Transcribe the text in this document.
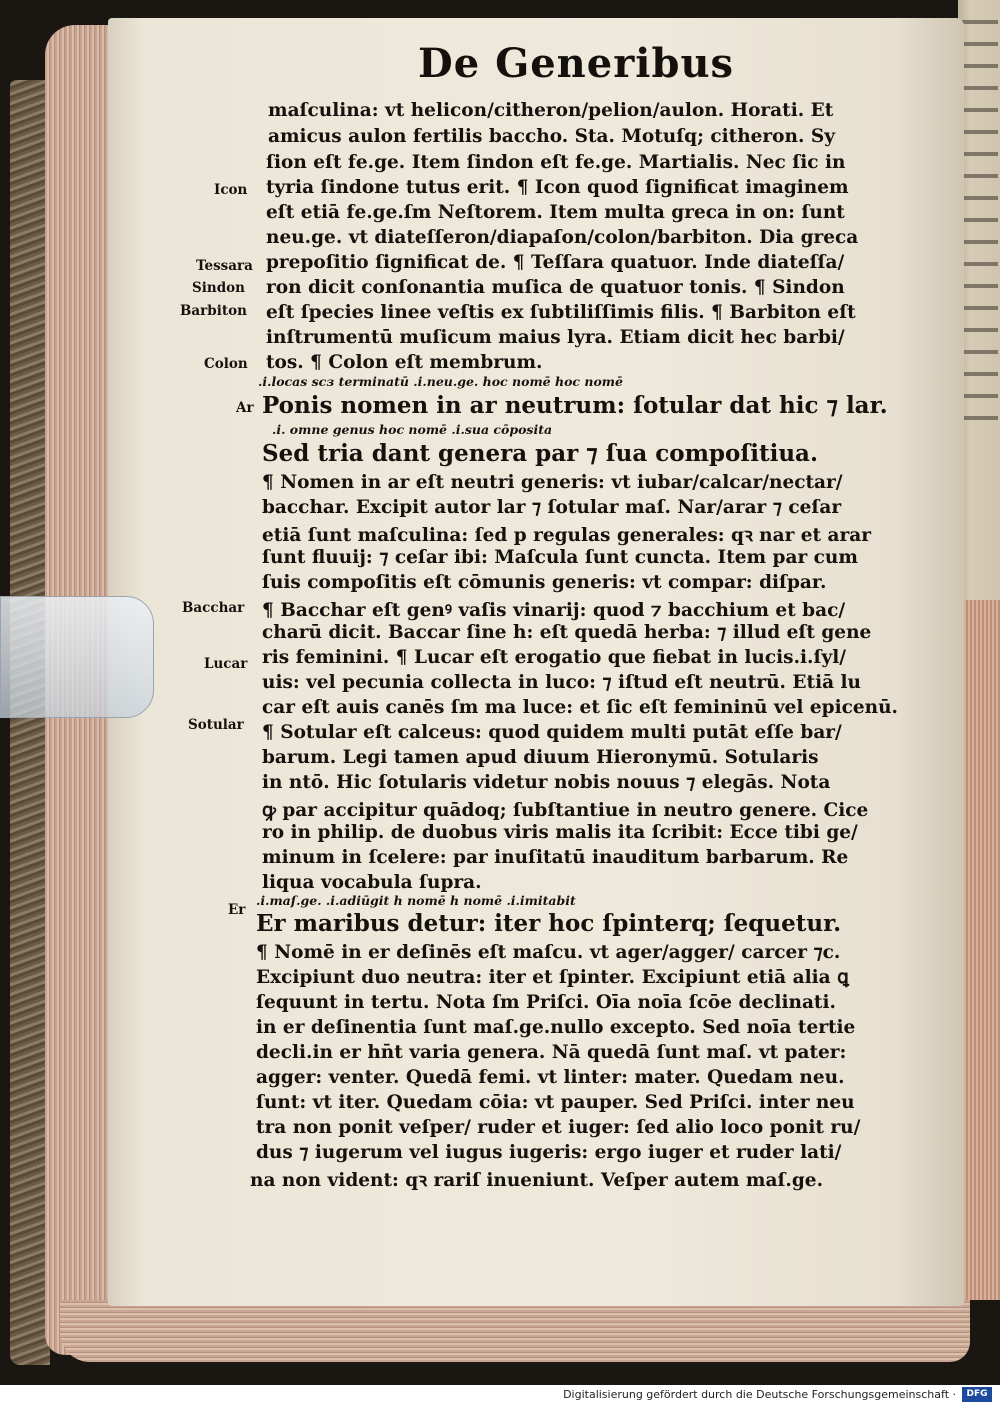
De Generibus
maſculina: vt helicon/citheron/pelion/aulon. Horati. Et
amicus aulon fertilis baccho. Sta. Motuſq; citheron. Sy
ſion eſt fe.ge. Item ſindon eſt fe.ge. Martialis. Nec ſic in
tyria ſindone tutus erit. ¶ Icon quod ſignificat imaginem
eſt etiā fe.ge.ſm Neſtorem. Item multa greca in on: ſunt
neu.ge. vt diateſſeron/diapaſon/colon/barbiton. Dia greca
prepoſitio ſignificat de. ¶ Teſſara quatuor. Inde diateſſa/
ron dicit conſonantia muſica de quatuor tonis. ¶ Sindon
eſt ſpecies linee veſtis ex ſubtiliſſimis filis. ¶ Barbiton eſt
inſtrumentū muſicum maius lyra. Etiam dicit hec barbi/
tos. ¶ Colon eſt membrum.
.i.locas scз terminatū .i.neu.ge. hoc nomē hoc nomē
Ponis nomen in ar neutrum: ſotular dat hic ⁊ lar.
.i. omne genus hoc nomē .i.sua cōposita
Sed tria dant genera par ⁊ ſua compoſitiua.
¶ Nomen in ar eſt neutri generis: vt iubar/calcar/nectar/
bacchar. Excipit autor lar ⁊ ſotular maſ. Nar/arar ⁊ ceſar
etiā ſunt maſculina: ſed p regulas generales: qꝛ nar et arar
ſunt fluuij: ⁊ ceſar ibi: Maſcula ſunt cuncta. Item par cum
ſuis compoſitis eſt cōmunis generis: vt compar: diſpar.
¶ Bacchar eſt genꝰ vaſis vinarij: quod ⁊ bacchium et bac/
charū dicit. Baccar ſine h: eſt quedā herba: ⁊ illud eſt gene
ris feminini. ¶ Lucar eſt erogatio que fiebat in lucis.i.ſyl/
uis: vel pecunia collecta in luco: ⁊ iſtud eſt neutrū. Etiā lu
car eſt auis canēs ſm ma luce: et ſic eſt femininū vel epicenū.
¶ Sotular eſt calceus: quod quidem multi putāt eſſe bar/
barum. Legi tamen apud diuum Hieronymū. Sotularis
in ntō. Hic ſotularis videtur nobis nouus ⁊ elegās. Nota
ꝙ par accipitur quādoq; ſubſtantiue in neutro genere. Cice
ro in philip. de duobus viris malis ita ſcribit: Ecce tibi ge/
minum in ſcelere: par inuſitatū inauditum barbarum. Re
liqua vocabula ſupra.
.i.maſ.ge. .i.adiūgit h nomē h nomē .i.imitabit
Er maribus detur: iter hoc ſpinterq; ſequetur.
¶ Nomē in er deſinēs eſt maſcu. vt ager/agger/ carcer ⁊c.
Excipiunt duo neutra: iter et ſpinter. Excipiunt etiā alia ꝗ
ſequunt in tertu. Nota ſm Priſci. Oīa noīa ſcōe declinati.
in er deſinentia ſunt maſ.ge.nullo excepto. Sed noīa tertie
decli.in er hn̄t varia genera. Nā quedā ſunt maſ. vt pater:
agger: venter. Quedā femi. vt linter: mater. Quedam neu.
ſunt: vt iter. Quedam cōia: vt pauper. Sed Priſci. inter neu
tra non ponit veſper/ ruder et iuger: ſed alio loco ponit ru/
dus ⁊ iugerum vel iugus iugeris: ergo iuger et ruder lati/
na non vident: qꝛ rariſ inueniunt. Veſper autem maſ.ge.
Icon
Tessara
Sindon
Barbiton
Colon
Ar
Bacchar
Lucar
Sotular
Er
Digitalisierung gefördert durch die Deutsche Forschungsgemeinschaft ·	DFG
